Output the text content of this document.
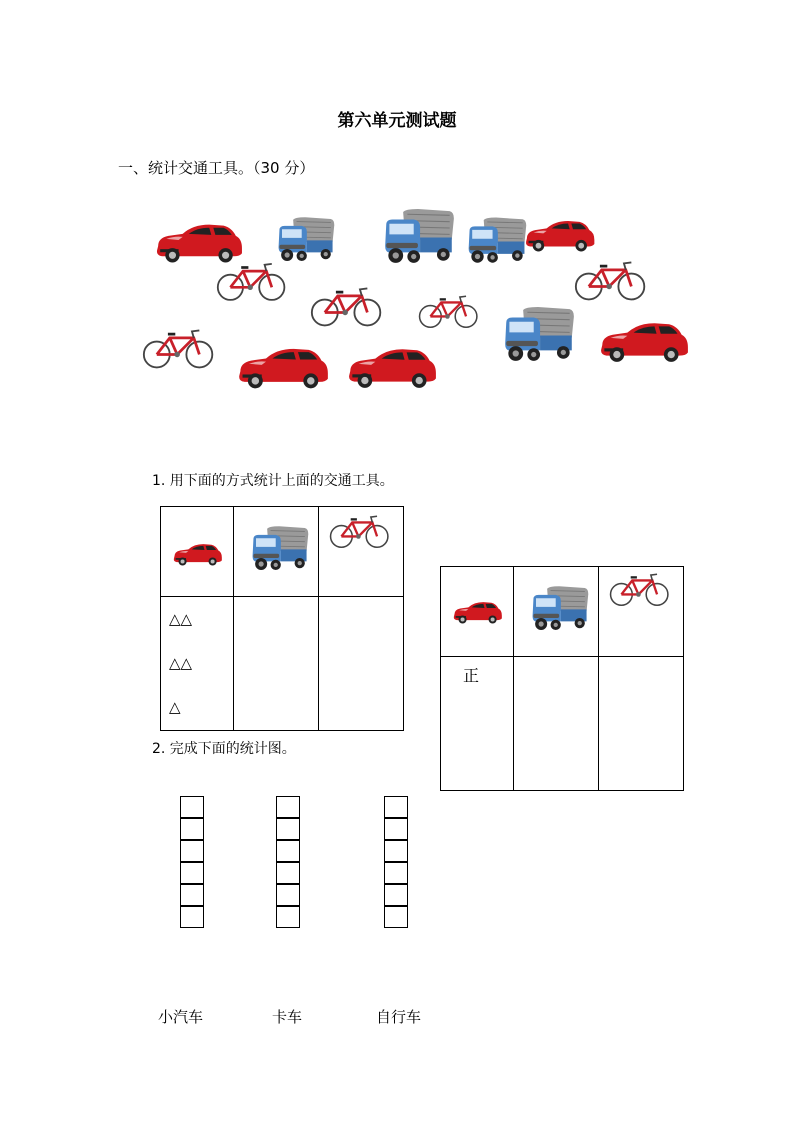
第六单元测试题
一、统计交通工具。（30 分）
1. 用下面的方式统计上面的交通工具。

△△
△△
△		

正		

2. 完成下面的统计图。
小汽车	卡车	自行车
